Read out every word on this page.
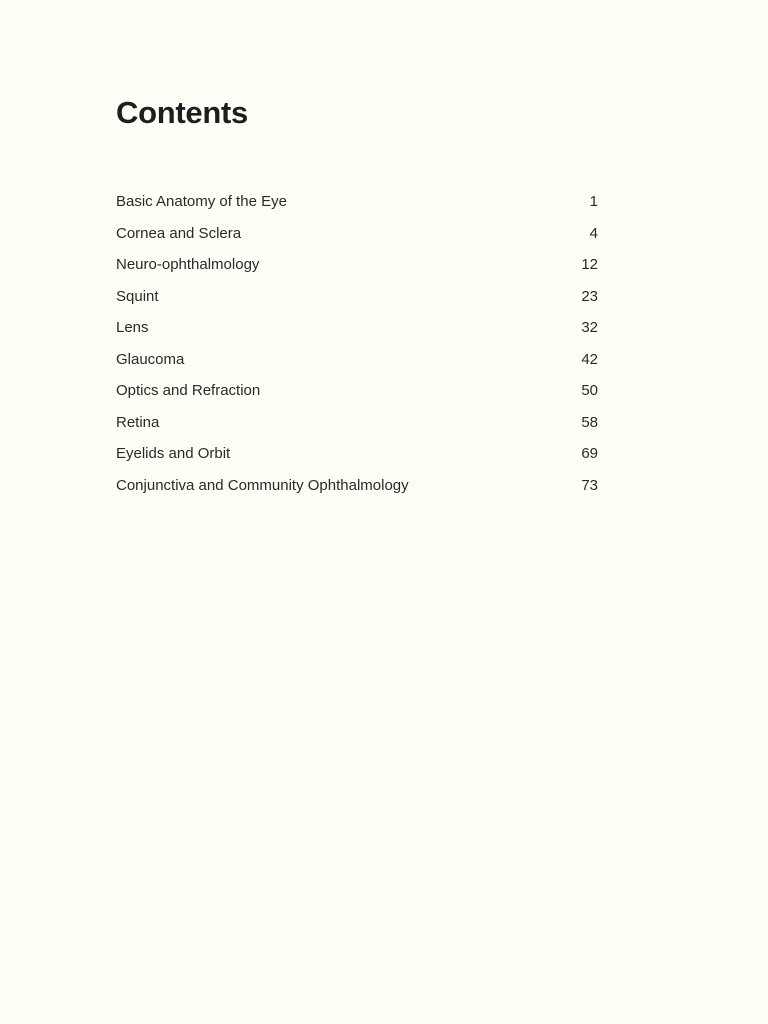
Contents
Basic Anatomy of the Eye	1
Cornea and Sclera	4
Neuro-ophthalmology	12
Squint	23
Lens	32
Glaucoma	42
Optics and Refraction	50
Retina	58
Eyelids and Orbit	69
Conjunctiva and Community Ophthalmology	73
